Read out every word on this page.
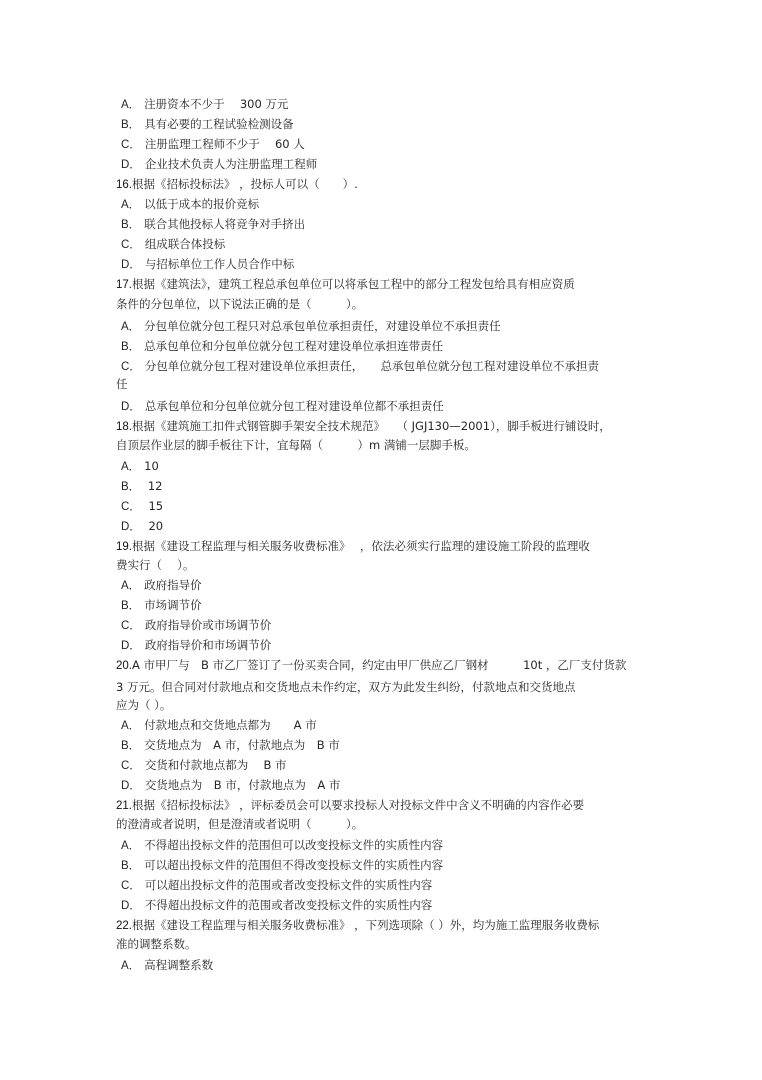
A． 注册资本不少于　 300 万元
B． 具有必要的工程试验检测设备
C． 注册监理工程师不少于　 60 人
D． 企业技术负责人为注册监理工程师
16.根据《招标投标法》 ，投标人可以（　　）.
A． 以低于成本的报价竞标
B． 联合其他投标人将竞争对手挤出
C． 组成联合体投标
D． 与招标单位工作人员合作中标
17.根据《建筑法》，建筑工程总承包单位可以将承包工程中的部分工程发包给具有相应资质
条件的分包单位，以下说法正确的是（　　　）。
A． 分包单位就分包工程只对总承包单位承担责任，对建设单位不承担责任
B． 总承包单位和分包单位就分包工程对建设单位承担连带责任
C． 分包单位就分包工程对建设单位承担责任，　　总承包单位就分包工程对建设单位不承担责
任
D． 总承包单位和分包单位就分包工程对建设单位都不承担责任
18.根据《建筑施工扣件式钢管脚手架安全技术规范》　　（ JGJ130—2001），脚手板进行铺设时，
自顶层作业层的脚手板往下计，宜每隔（　　　）m 满铺一层脚手板。
A． 10
B． 12
C． 15
D． 20
19.根据《建设工程监理与相关服务收费标准》　 ，依法必须实行监理的建设施工阶段的监理收
费实行（　 ）。
A． 政府指导价
B． 市场调节价
C． 政府指导价或市场调节价
D． 政府指导价和市场调节价
20.A 市甲厂与　B 市乙厂签订了一份买卖合同，约定由甲厂供应乙厂钢材　　　10t ，乙厂支付货款
3 万元。但合同对付款地点和交货地点未作约定，双方为此发生纠纷，付款地点和交货地点
应为（ ）。
A． 付款地点和交货地点都为　　A 市
B． 交货地点为　A 市，付款地点为　B 市
C． 交货和付款地点都为　 B 市
D． 交货地点为　B 市，付款地点为　A 市
21.根据《招标投标法》 ，评标委员会可以要求投标人对投标文件中含义不明确的内容作必要
的澄清或者说明，但是澄清或者说明（　　　）。
A． 不得超出投标文件的范围但可以改变投标文件的实质性内容
B． 可以超出投标文件的范围但不得改变投标文件的实质性内容
C． 可以超出投标文件的范围或者改变投标文件的实质性内容
D． 不得超出投标文件的范围或者改变投标文件的实质性内容
22.根据《建设工程监理与相关服务收费标准》 ，下列选项除（ ）外，均为施工监理服务收费标
准的调整系数。
A． 高程调整系数
